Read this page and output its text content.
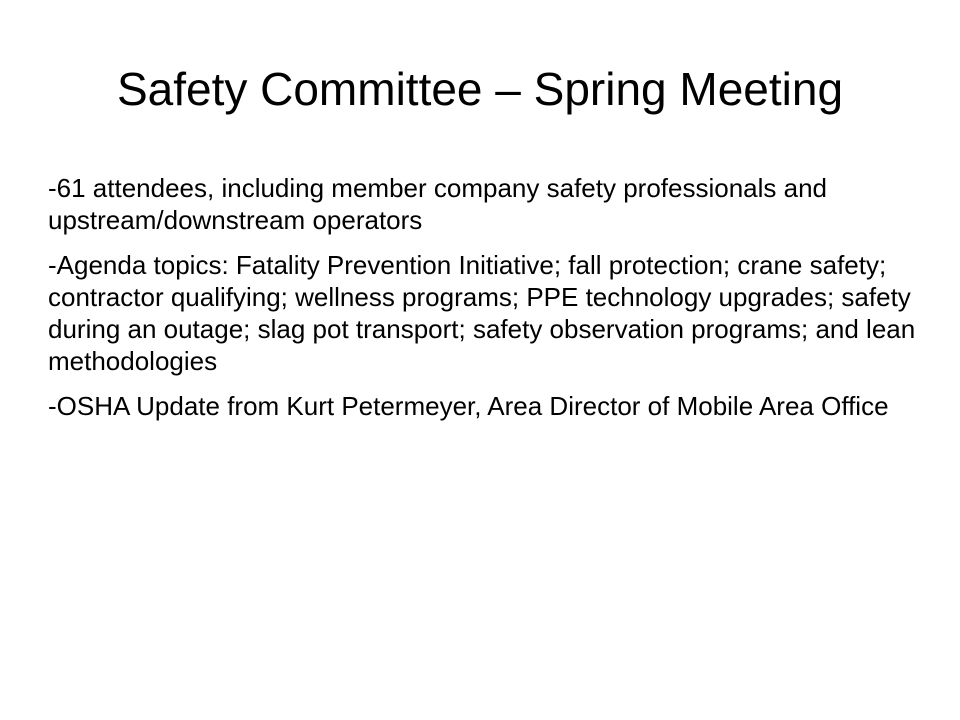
Safety Committee – Spring Meeting
-61 attendees, including member company safety professionals and upstream/downstream operators
-Agenda topics: Fatality Prevention Initiative; fall protection; crane safety; contractor qualifying; wellness programs; PPE technology upgrades; safety during an outage; slag pot transport; safety observation programs; and lean methodologies
-OSHA Update from Kurt Petermeyer, Area Director of Mobile Area Office
